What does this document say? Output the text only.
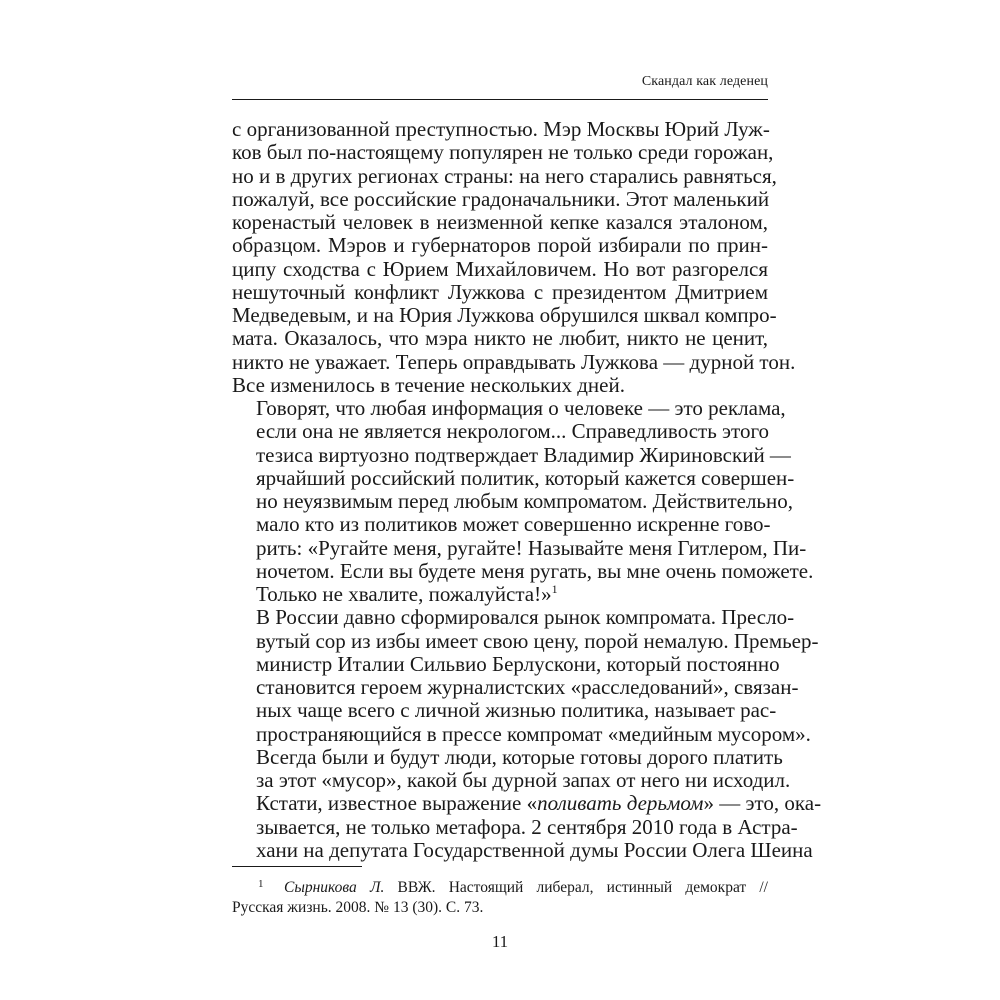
Скандал как леденец

с организованной преступностью. Мэр Москвы Юрий Луж-
ков был по-настоящему популярен не только среди горожан,
но и в других регионах страны: на него старались равняться,
пожалуй, все российские градоначальники. Этот маленький
коренастый человек в неизменной кепке казался эталоном,
образцом. Мэров и губернаторов порой избирали по прин-
ципу сходства с Юрием Михайловичем. Но вот разгорелся
нешуточный конфликт Лужкова с президентом Дмитрием
Медведевым, и на Юрия Лужкова обрушился шквал компро-
мата. Оказалось, что мэра никто не любит, никто не ценит,
никто не уважает. Теперь оправдывать Лужкова — дурной тон.
Все изменилось в течение нескольких дней.

Говорят, что любая информация о человеке — это реклама,
если она не является некрологом... Справедливость этого
тезиса виртуозно подтверждает Владимир Жириновский —
ярчайший российский политик, который кажется совершен-
но неуязвимым перед любым компроматом. Действительно,
мало кто из политиков может совершенно искренне гово-
рить: «Ругайте меня, ругайте! Называйте меня Гитлером, Пи-
ночетом. Если вы будете меня ругать, вы мне очень поможете.
Только не хвалите, пожалуйста!»$^1$

В России давно сформировался рынок компромата. Пресло-
вутый сор из избы имеет свою цену, порой немалую. Премьер-
министр Италии Сильвио Берлускони, который постоянно
становится героем журналистских «расследований», связан-
ных чаще всего с личной жизнью политика, называет рас-
пространяющийся в прессе компромат «медийным мусором».
Всегда были и будут люди, которые готовы дорого платить
за этот «мусор», какой бы дурной запах от него ни исходил.
Кстати, известное выражение «поливать дерьмом» — это, ока-
зывается, не только метафора. 2 сентября 2010 года в Астра-
хани на депутата Государственной думы России Олега Шеина

1 Сырникова Л. ВВЖ. Настоящий либерал, истинный демократ //
Русская жизнь. 2008. № 13 (30). С. 73.
11
